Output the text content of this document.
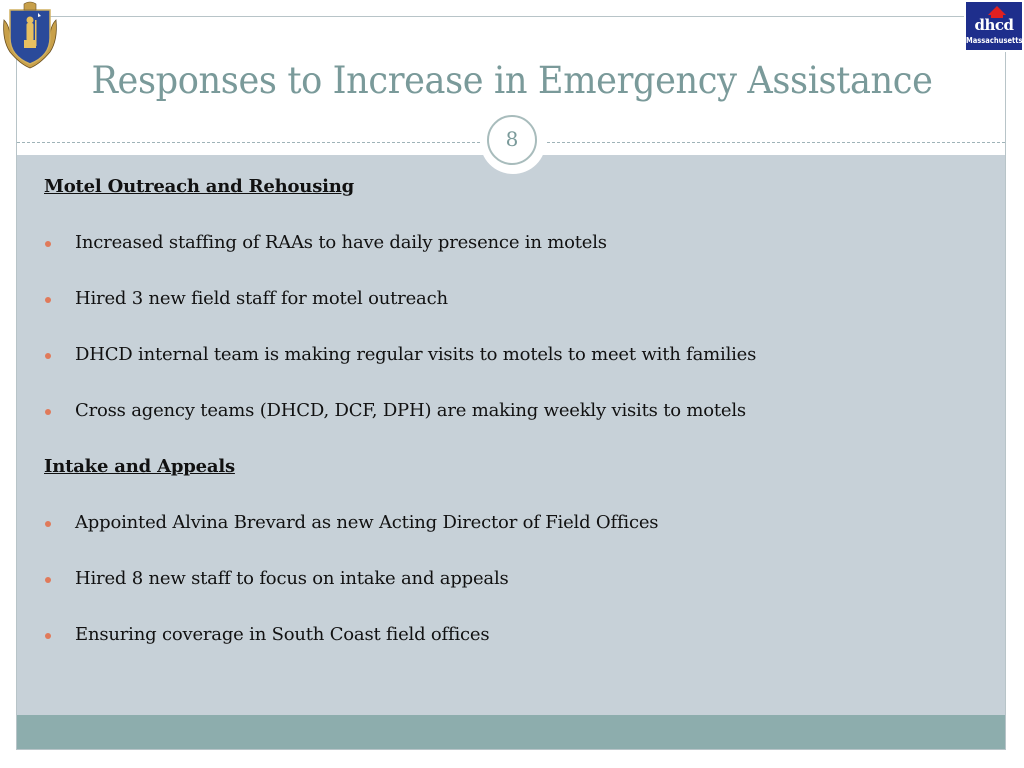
dhcd
Massachusetts
Responses to Increase in Emergency Assistance
8
Motel Outreach and Rehousing
Increased staffing of RAAs to have daily presence in motels
Hired 3 new field staff for motel outreach
DHCD internal team is making regular visits to motels to meet with families
Cross agency teams (DHCD, DCF, DPH) are making weekly visits to motels
Intake and Appeals
Appointed Alvina Brevard as new Acting Director of Field Offices
Hired 8 new staff to focus on intake and appeals
Ensuring coverage in South Coast field offices
